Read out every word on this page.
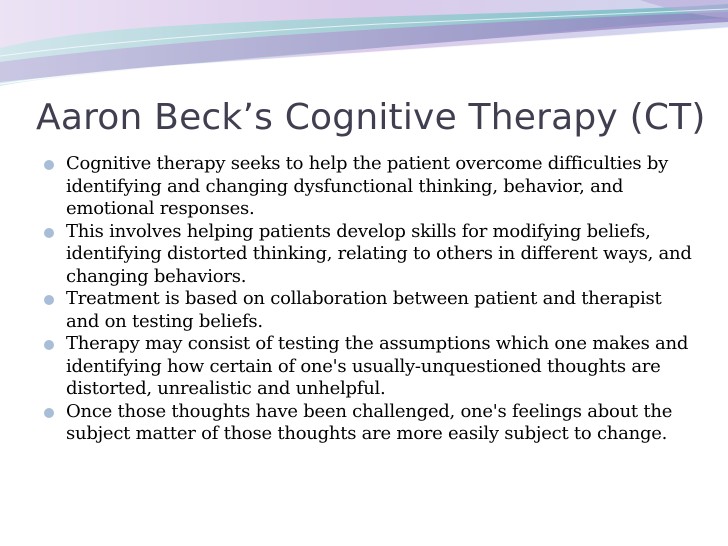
Aaron Beck’s Cognitive Therapy (CT)
Cognitive therapy seeks to help the patient overcome difficulties by identifying and changing dysfunctional thinking, behavior, and emotional responses.
This involves helping patients develop skills for modifying beliefs, identifying distorted thinking, relating to others in different ways, and changing behaviors.
Treatment is based on collaboration between patient and therapist and on testing beliefs.
Therapy may consist of testing the assumptions which one makes and identifying how certain of one's usually-unquestioned thoughts are distorted, unrealistic and unhelpful.
Once those thoughts have been challenged, one's feelings about the subject matter of those thoughts are more easily subject to change.
